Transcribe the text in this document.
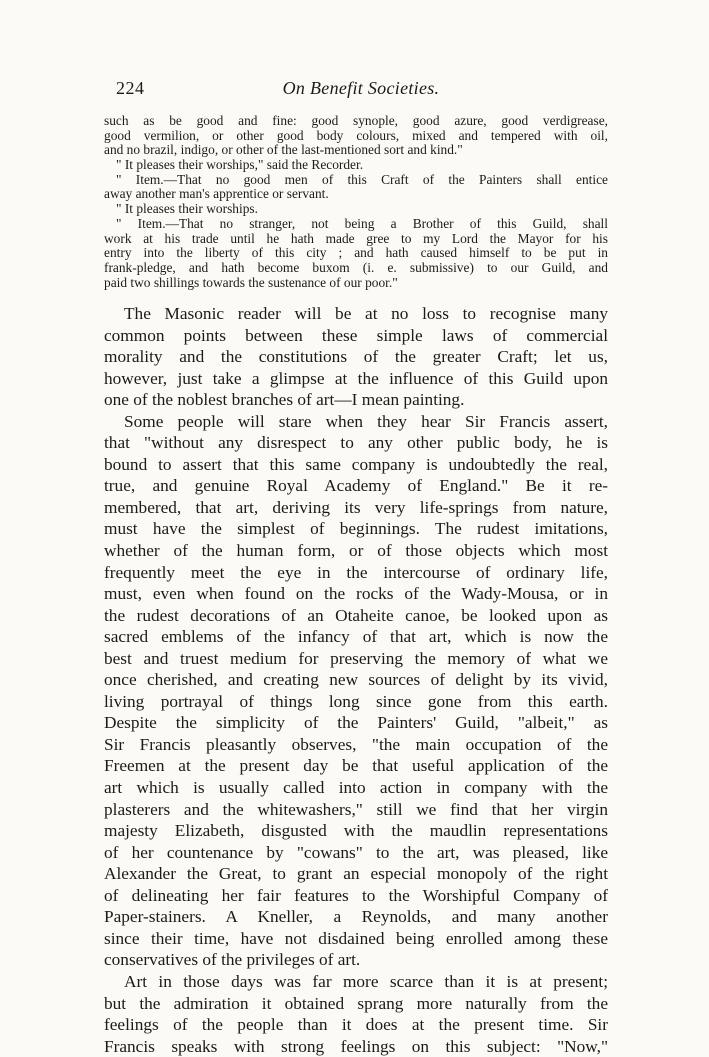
224	On Benefit Societies.
such as be good and fine: good synople, good azure, good verdigrease,
good vermilion, or other good body colours, mixed and tempered with oil,
and no brazil, indigo, or other of the last-mentioned sort and kind."
" It pleases their worships," said the Recorder.
" Item.—That no good men of this Craft of the Painters shall entice
away another man's apprentice or servant.
" It pleases their worships.
" Item.—That no stranger, not being a Brother of this Guild, shall
work at his trade until he hath made gree to my Lord the Mayor for his
entry into the liberty of this city ; and hath caused himself to be put in
frank-pledge, and hath become buxom (i. e. submissive) to our Guild, and
paid two shillings towards the sustenance of our poor."
The Masonic reader will be at no loss to recognise many
common points between these simple laws of commercial
morality and the constitutions of the greater Craft; let us,
however, just take a glimpse at the influence of this Guild upon
one of the noblest branches of art—I mean painting.
Some people will stare when they hear Sir Francis assert,
that "without any disrespect to any other public body, he is
bound to assert that this same company is undoubtedly the real,
true, and genuine Royal Academy of England." Be it re-
membered, that art, deriving its very life-springs from nature,
must have the simplest of beginnings. The rudest imitations,
whether of the human form, or of those objects which most
frequently meet the eye in the intercourse of ordinary life,
must, even when found on the rocks of the Wady-Mousa, or in
the rudest decorations of an Otaheite canoe, be looked upon as
sacred emblems of the infancy of that art, which is now the
best and truest medium for preserving the memory of what we
once cherished, and creating new sources of delight by its vivid,
living portrayal of things long since gone from this earth.
Despite the simplicity of the Painters' Guild, "albeit," as
Sir Francis pleasantly observes, "the main occupation of the
Freemen at the present day be that useful application of the
art which is usually called into action in company with the
plasterers and the whitewashers," still we find that her virgin
majesty Elizabeth, disgusted with the maudlin representations
of her countenance by "cowans" to the art, was pleased, like
Alexander the Great, to grant an especial monopoly of the right
of delineating her fair features to the Worshipful Company of
Paper-stainers. A Kneller, a Reynolds, and many another
since their time, have not disdained being enrolled among these
conservatives of the privileges of art.
Art in those days was far more scarce than it is at present;
but the admiration it obtained sprang more naturally from the
feelings of the people than it does at the present time. Sir
Francis speaks with strong feelings on this subject: "Now,"
